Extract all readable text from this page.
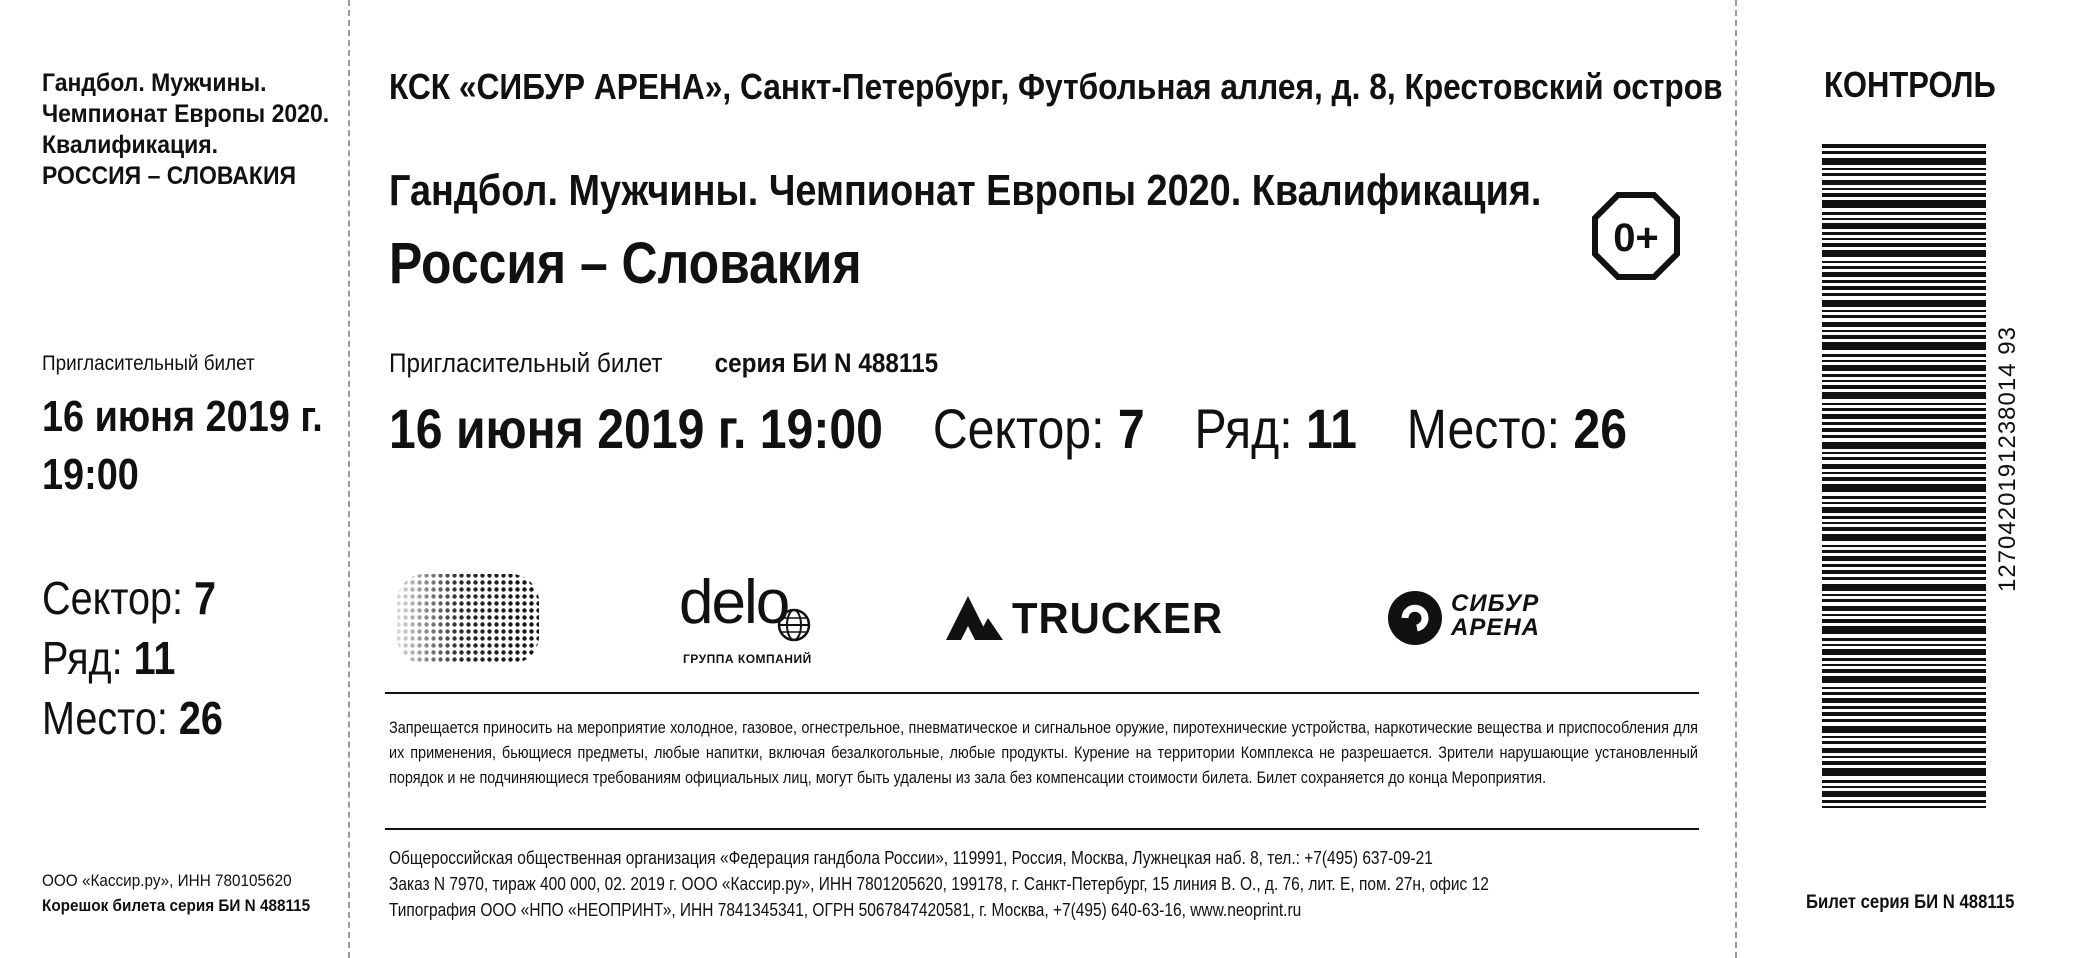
Гандбол. Мужчины.
Чемпионат Европы 2020.
Квалификация.
РОССИЯ – СЛОВАКИЯ
Пригласительный билет
16 июня 2019 г.
19:00
Сектор: 7
Ряд: 11
Место: 26
ООО «Кассир.ру», ИНН 780105620
Корешок билета серия БИ N 488115
КСК «СИБУР АРЕНА», Санкт-Петербург, Футбольная аллея, д. 8, Крестовский остров
Гандбол. Мужчины. Чемпионат Европы 2020. Квалификация.
Россия – Словакия	0+
Пригласительный билет серия БИ N 488115
16 июня 2019 г. 19:00 Сектор: 7 Ряд: 11 Место: 26
delo
ГРУППА КОМПАНИЙ
TRUCKER	СИБУР
АРЕНА
Запрещается приносить на мероприятие холодное, газовое, огнестрельное, пневматическое и сигнальное оружие, пиротехнические устройства, наркотические вещества и приспособления для их применения, бьющиеся предметы, любые напитки, включая безалкогольные, любые продукты. Курение на территории Комплекса не разрешается. Зрители нарушающие установленный порядок и не подчиняющиеся требованиям официальных лиц, могут быть удалены из зала без компенсации стоимости билета. Билет сохраняется до конца Мероприятия.
Общероссийская общественная организация «Федерация гандбола России», 119991, Россия, Москва, Лужнецкая наб. 8, тел.: +7(495) 637-09-21
Заказ N 7970, тираж 400 000, 02. 2019 г. ООО «Кассир.ру», ИНН 7801205620, 199178, г. Санкт-Петербург, 15 линия В. О., д. 76, лит. Е, пом. 27н, офис 12
Типография ООО «НПО «НЕОПРИНТ», ИНН 7841345341, ОГРН 5067847420581, г. Москва, +7(495) 640-63-16, www.neoprint.ru
КОНТРОЛЬ
1270420191238014 93
Билет серия БИ N 488115
